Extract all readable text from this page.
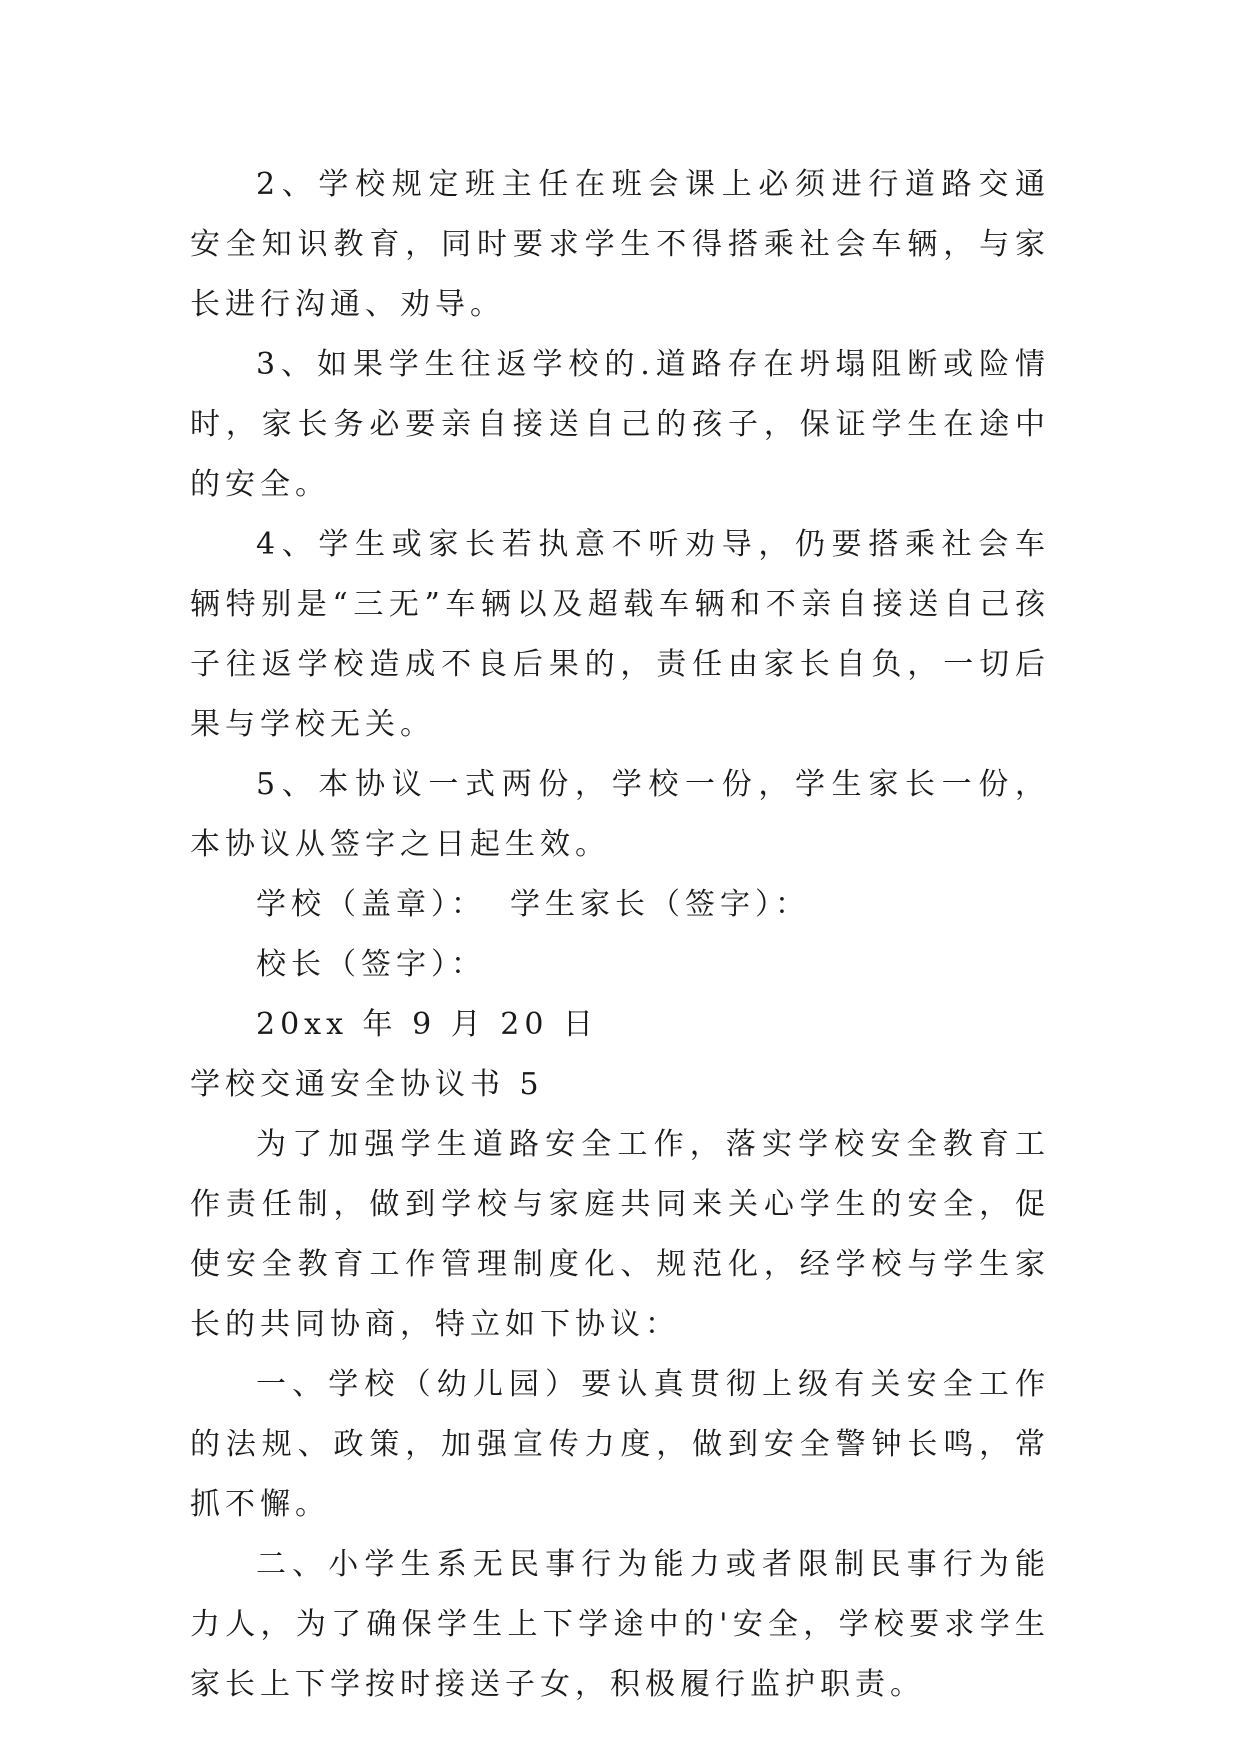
2、学校规定班主任在班会课上必须进行道路交通安全知识教育，同时要求学生不得搭乘社会车辆，与家长进行沟通、劝导。

3、如果学生往返学校的.道路存在坍塌阻断或险情时，家长务必要亲自接送自己的孩子，保证学生在途中的安全。

4、学生或家长若执意不听劝导，仍要搭乘社会车辆特别是“三无”车辆以及超载车辆和不亲自接送自己孩子往返学校造成不良后果的，责任由家长自负，一切后果与学校无关。

5、本协议一式两份，学校一份，学生家长一份，本协议从签字之日起生效。

学校（盖章）： 学生家长（签字）：
校长（签字）：
20xx 年 9 月 20 日
学校交通安全协议书 5

为了加强学生道路安全工作，落实学校安全教育工作责任制，做到学校与家庭共同来关心学生的安全，促使安全教育工作管理制度化、规范化，经学校与学生家长的共同协商，特立如下协议：

一、学校（幼儿园）要认真贯彻上级有关安全工作的法规、政策，加强宣传力度，做到安全警钟长鸣，常抓不懈。

二、小学生系无民事行为能力或者限制民事行为能力人，为了确保学生上下学途中的'安全，学校要求学生家长上下学按时接送子女，积极履行监护职责。
